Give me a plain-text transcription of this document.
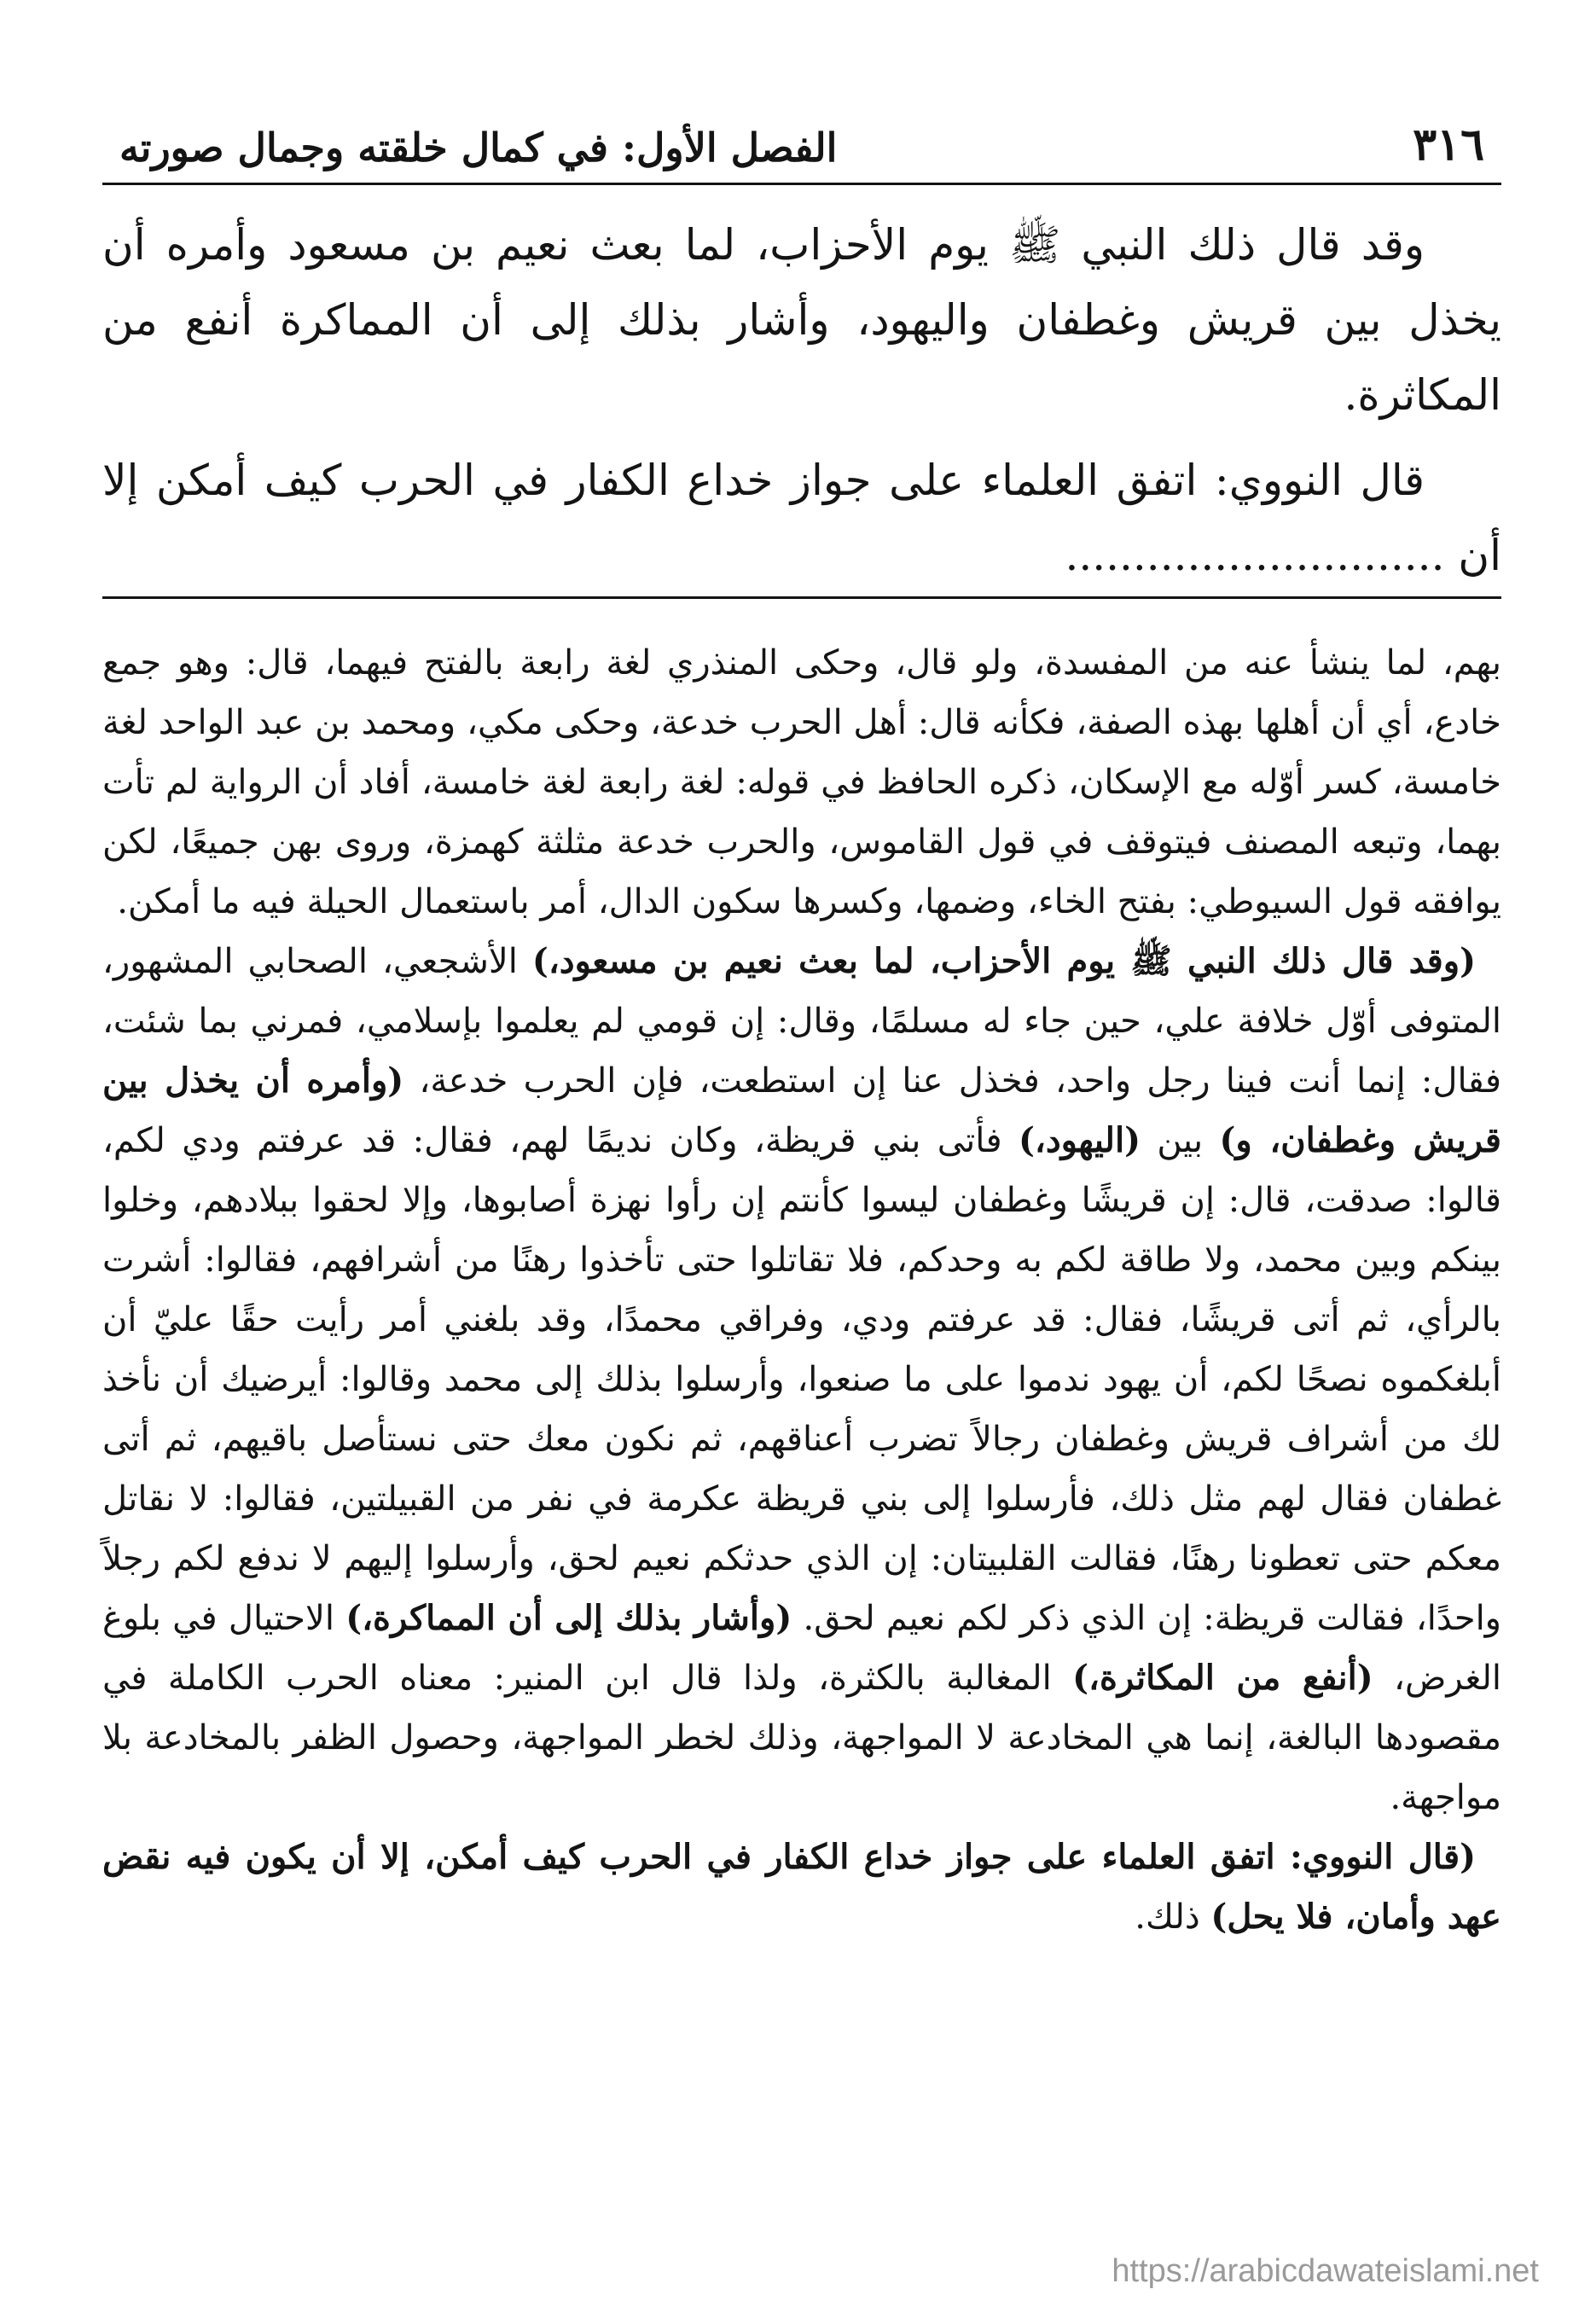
٣١٦
الفصل الأول: في كمال خلقته وجمال صورته

وقد قال ذلك النبي ﷺ يوم الأحزاب، لما بعث نعيم بن مسعود وأمره أن يخذل بين قريش وغطفان واليهود، وأشار بذلك إلى أن المماكرة أنفع من المكاثرة.

قال النووي: اتفق العلماء على جواز خداع الكفار في الحرب كيف أمكن إلا أن ............................

بهم، لما ينشأ عنه من المفسدة، ولو قال، وحكى المنذري لغة رابعة بالفتح فيهما، قال: وهو جمع خادع، أي أن أهلها بهذه الصفة، فكأنه قال: أهل الحرب خدعة، وحكى مكي، ومحمد بن عبد الواحد لغة خامسة، كسر أوّله مع الإسكان، ذكره الحافظ في قوله: لغة رابعة لغة خامسة، أفاد أن الرواية لم تأت بهما، وتبعه المصنف فيتوقف في قول القاموس، والحرب خدعة مثلثة كهمزة، وروى بهن جميعًا، لكن يوافقه قول السيوطي: بفتح الخاء، وضمها، وكسرها سكون الدال، أمر باستعمال الحيلة فيه ما أمكن.

(وقد قال ذلك النبي ﷺ يوم الأحزاب، لما بعث نعيم بن مسعود،) الأشجعي، الصحابي المشهور، المتوفى أوّل خلافة علي، حين جاء له مسلمًا، وقال: إن قومي لم يعلموا بإسلامي، فمرني بما شئت، فقال: إنما أنت فينا رجل واحد، فخذل عنا إن استطعت، فإن الحرب خدعة، (وأمره أن يخذل بين قريش وغطفان، و) بين (اليهود،) فأتى بني قريظة، وكان نديمًا لهم، فقال: قد عرفتم ودي لكم، قالوا: صدقت، قال: إن قريشًا وغطفان ليسوا كأنتم إن رأوا نهزة أصابوها، وإلا لحقوا ببلادهم، وخلوا بينكم وبين محمد، ولا طاقة لكم به وحدكم، فلا تقاتلوا حتى تأخذوا رهنًا من أشرافهم، فقالوا: أشرت بالرأي، ثم أتى قريشًا، فقال: قد عرفتم ودي، وفراقي محمدًا، وقد بلغني أمر رأيت حقًا عليّ أن أبلغكموه نصحًا لكم، أن يهود ندموا على ما صنعوا، وأرسلوا بذلك إلى محمد وقالوا: أيرضيك أن نأخذ لك من أشراف قريش وغطفان رجالاً تضرب أعناقهم، ثم نكون معك حتى نستأصل باقيهم، ثم أتى غطفان فقال لهم مثل ذلك، فأرسلوا إلى بني قريظة عكرمة في نفر من القبيلتين، فقالوا: لا نقاتل معكم حتى تعطونا رهنًا، فقالت القلبيتان: إن الذي حدثكم نعيم لحق، وأرسلوا إليهم لا ندفع لكم رجلاً واحدًا، فقالت قريظة: إن الذي ذكر لكم نعيم لحق. (وأشار بذلك إلى أن المماكرة،) الاحتيال في بلوغ الغرض، (أنفع من المكاثرة،) المغالبة بالكثرة، ولذا قال ابن المنير: معناه الحرب الكاملة في مقصودها البالغة، إنما هي المخادعة لا المواجهة، وذلك لخطر المواجهة، وحصول الظفر بالمخادعة بلا مواجهة.

(قال النووي: اتفق العلماء على جواز خداع الكفار في الحرب كيف أمكن، إلا أن يكون فيه نقض عهد وأمان، فلا يحل) ذلك.

https://arabicdawateislami.net
